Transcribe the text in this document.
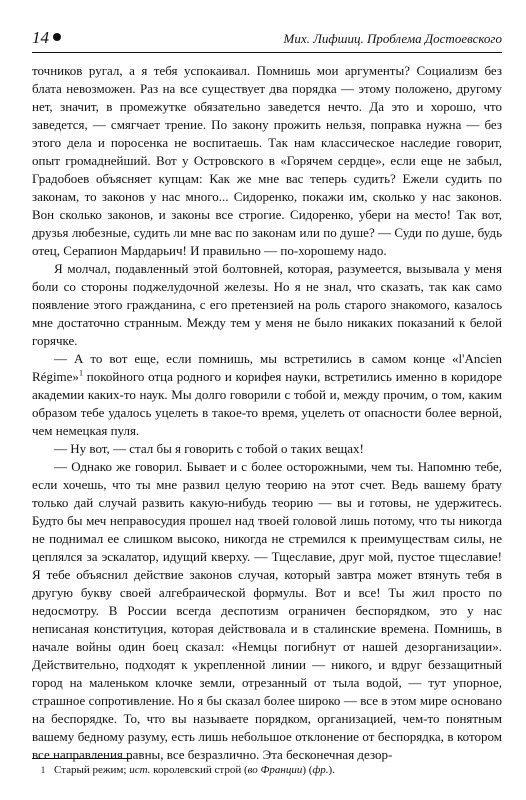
14	Мих. Лифшиц. Проблема Достоевского

точников ругал, а я тебя успокаивал. Помнишь мои аргументы? Социализм без блата невозможен. Раз на все существует два порядка — этому положено, другому нет, значит, в промежутке обязательно заведется нечто. Да это и хорошо, что заведется, — смягчает трение. По закону прожить нельзя, поправка нужна — без этого дела и поросенка не воспитаешь. Так нам классическое наследие говорит, опыт громаднейший. Вот у Островского в «Горячем сердце», если еще не забыл, Градобоев объясняет купцам: Как же мне вас теперь судить? Ежели судить по законам, то законов у нас много... Сидоренко, покажи им, сколько у нас законов. Вон сколько законов, и законы все строгие. Сидоренко, убери на место! Так вот, друзья любезные, судить ли мне вас по законам или по душе? — Суди по душе, будь отец, Серапион Мардарьич! И правильно — по-хорошему надо.

Я молчал, подавленный этой болтовней, которая, разумеется, вызывала у меня боли со стороны поджелудочной железы. Но я не знал, что сказать, так как само появление этого гражданина, с его претензией на роль старого знакомого, казалось мне достаточно странным. Между тем у меня не было никаких показаний к белой горячке.

— А то вот еще, если помнишь, мы встретились в самом конце «l'Ancien Régime»$^1$ покойного отца родного и корифея науки, встретились именно в коридоре академии каких-то наук. Мы долго говорили с тобой и, между прочим, о том, каким образом тебе удалось уцелеть в такое-то время, уцелеть от опасности более верной, чем немецкая пуля.

— Ну вот, — стал бы я говорить с тобой о таких вещах!

— Однако же говорил. Бывает и с более осторожными, чем ты. Напомню тебе, если хочешь, что ты мне развил целую теорию на этот счет. Ведь вашему брату только дай случай развить какую-нибудь теорию — вы и готовы, не удержитесь. Будто бы меч неправосудия прошел над твоей головой лишь потому, что ты никогда не поднимал ее слишком высоко, никогда не стремился к преимуществам силы, не цеплялся за эскалатор, идущий кверху. — Тщеславие, друг мой, пустое тщеславие! Я тебе объяснил действие законов случая, который завтра может втянуть тебя в другую букву своей алгебраической формулы. Вот и все! Ты жил просто по недосмотру. В России всегда деспотизм ограничен беспорядком, это у нас неписаная конституция, которая действовала и в сталинские времена. Помнишь, в начале войны один боец сказал: «Немцы погибнут от нашей дезорганизации». Действительно, подходят к укрепленной линии — никого, и вдруг беззащитный город на маленьком клочке земли, отрезанный от тыла водой, — тут упорное, страшное сопротивление. Но я бы сказал более широко — все в этом мире основано на беспорядке. То, что вы называете порядком, организацией, чем-то понятным вашему бедному разуму, есть лишь небольшое отклонение от беспорядка, в котором все направления равны, все безразлично. Эта бесконечная дезор-

1 Старый режим; ист. королевский строй (во Франции) (фр.).
